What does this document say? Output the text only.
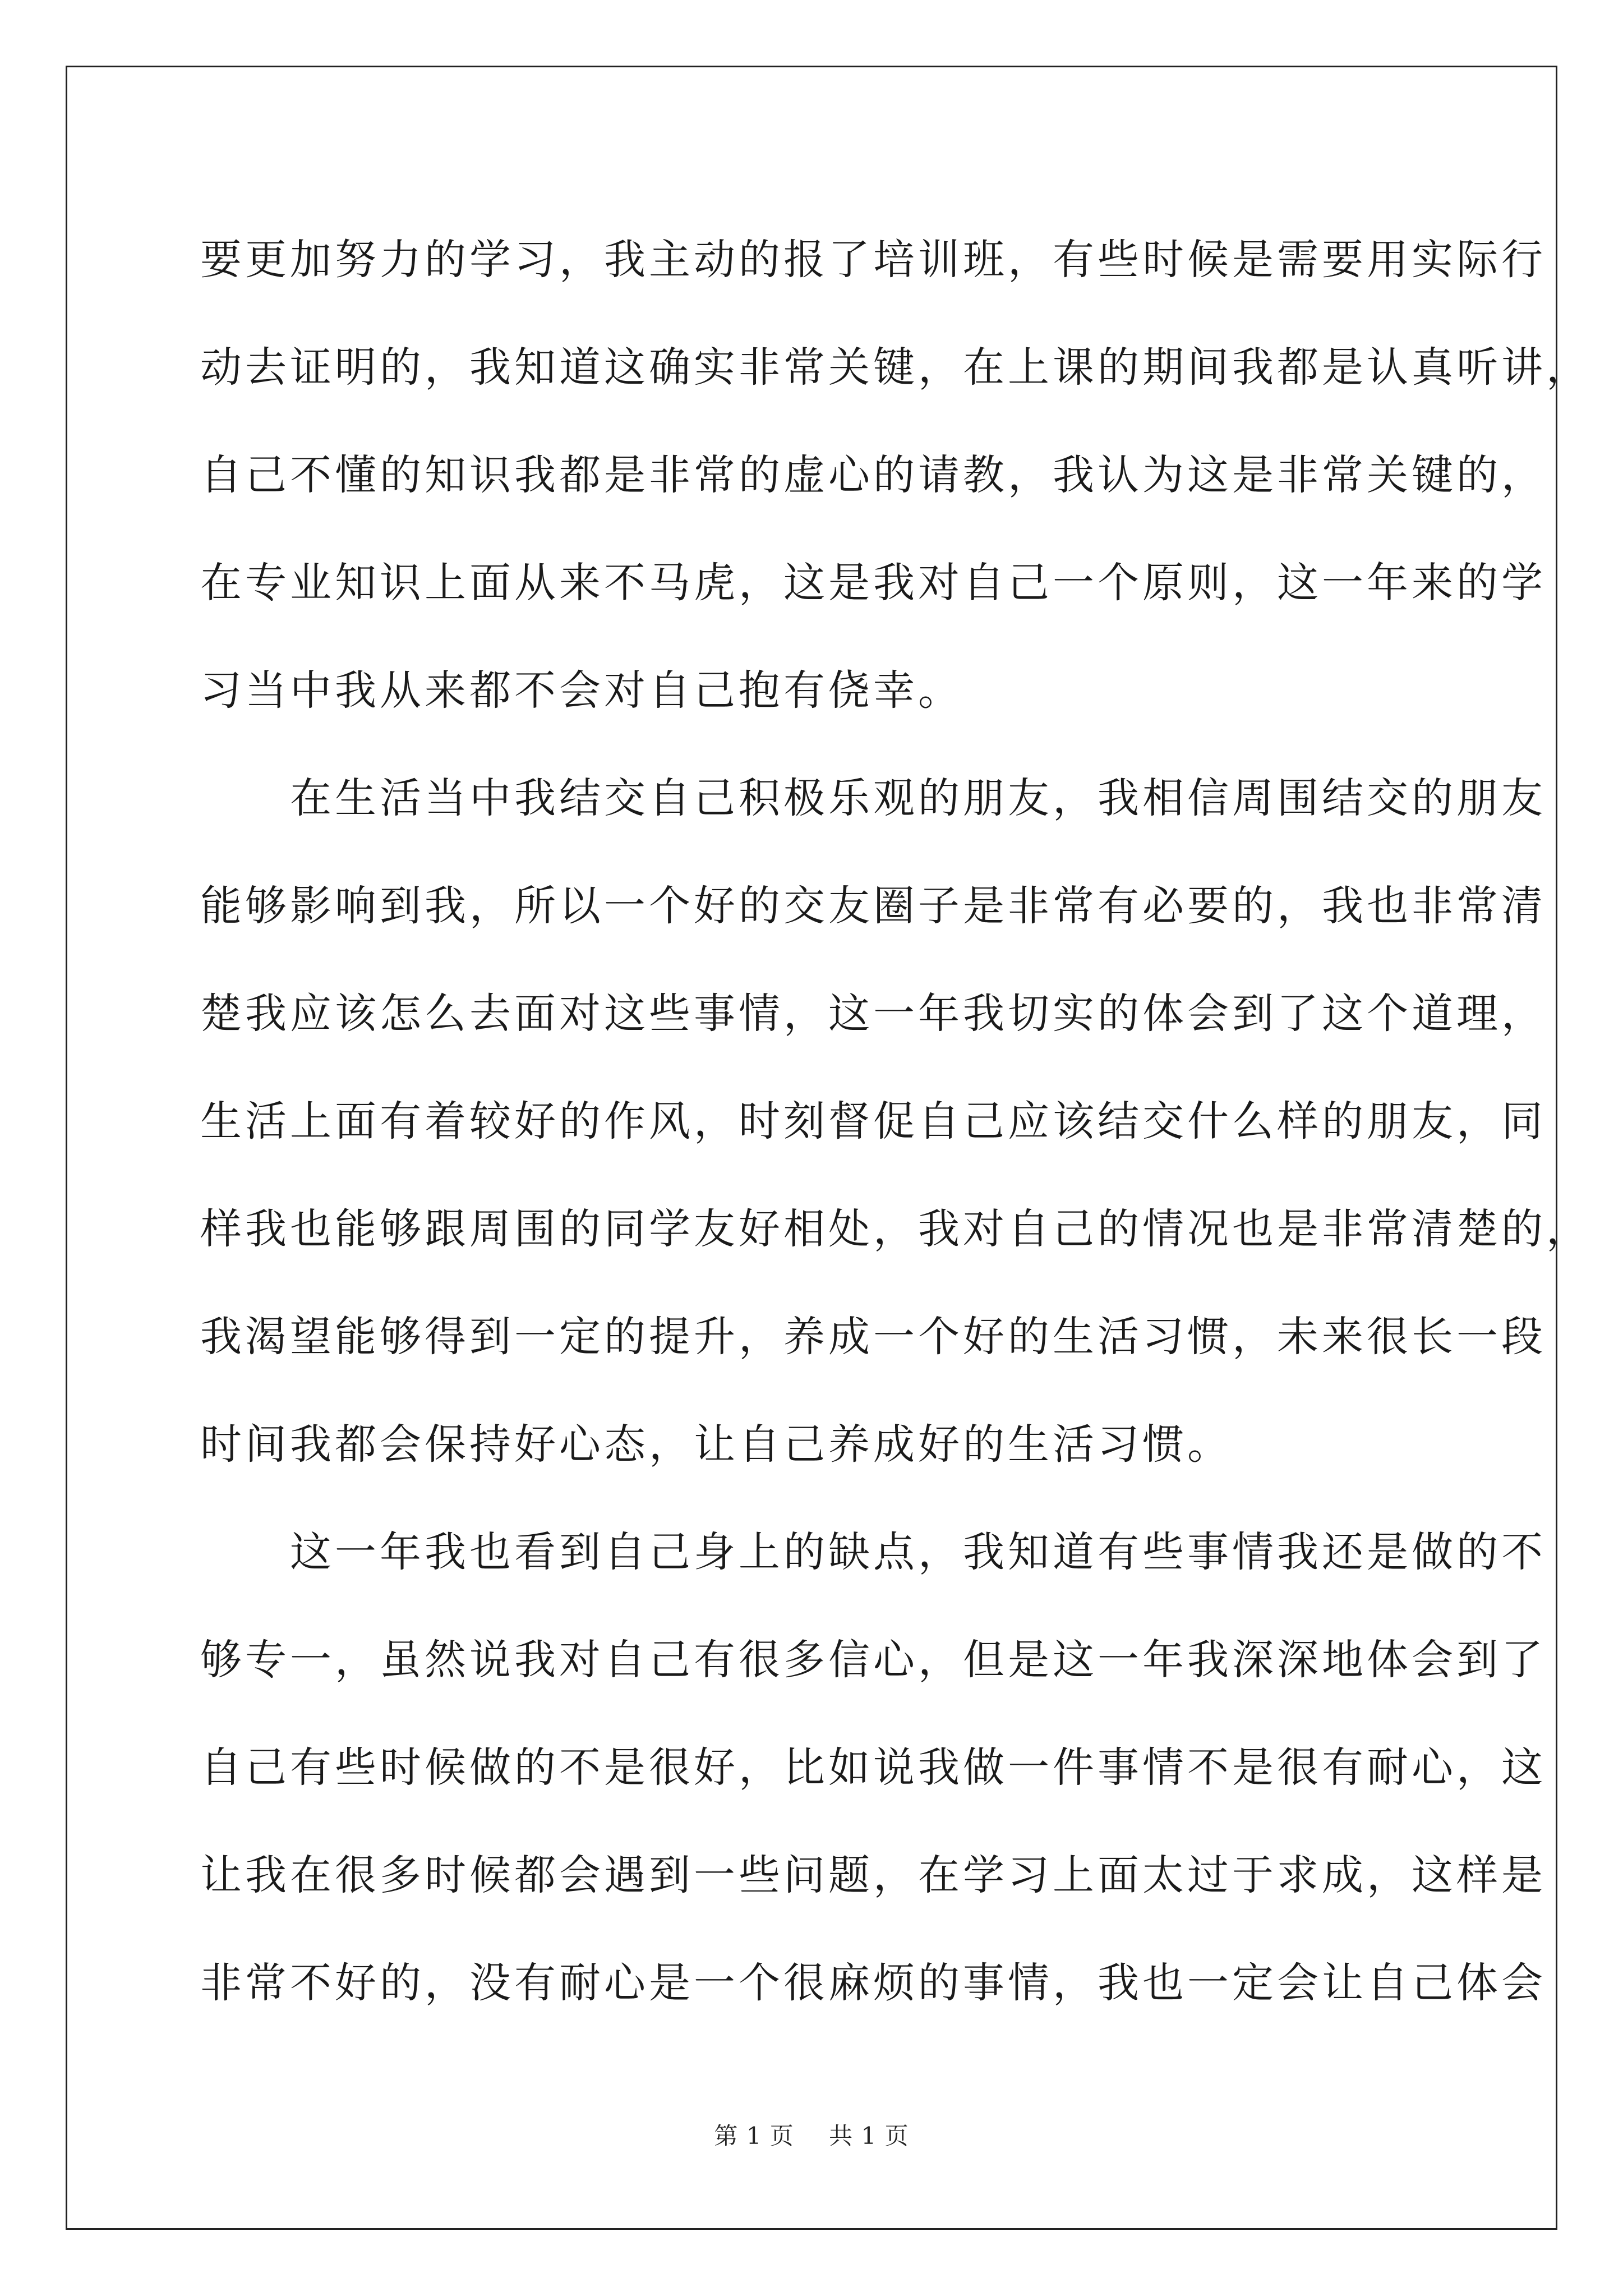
要更加努力的学习，我主动的报了培训班，有些时候是需要用实际行
动去证明的，我知道这确实非常关键，在上课的期间我都是认真听讲，
自己不懂的知识我都是非常的虚心的请教，我认为这是非常关键的，
在专业知识上面从来不马虎，这是我对自己一个原则，这一年来的学
习当中我从来都不会对自己抱有侥幸。
　　在生活当中我结交自己积极乐观的朋友，我相信周围结交的朋友
能够影响到我，所以一个好的交友圈子是非常有必要的，我也非常清
楚我应该怎么去面对这些事情，这一年我切实的体会到了这个道理，
生活上面有着较好的作风，时刻督促自己应该结交什么样的朋友，同
样我也能够跟周围的同学友好相处，我对自己的情况也是非常清楚的，
我渴望能够得到一定的提升，养成一个好的生活习惯，未来很长一段
时间我都会保持好心态，让自己养成好的生活习惯。
　　这一年我也看到自己身上的缺点，我知道有些事情我还是做的不
够专一，虽然说我对自己有很多信心，但是这一年我深深地体会到了
自己有些时候做的不是很好，比如说我做一件事情不是很有耐心，这
让我在很多时候都会遇到一些问题，在学习上面太过于求成，这样是
非常不好的，没有耐心是一个很麻烦的事情，我也一定会让自己体会
第 1 页 共 1 页
